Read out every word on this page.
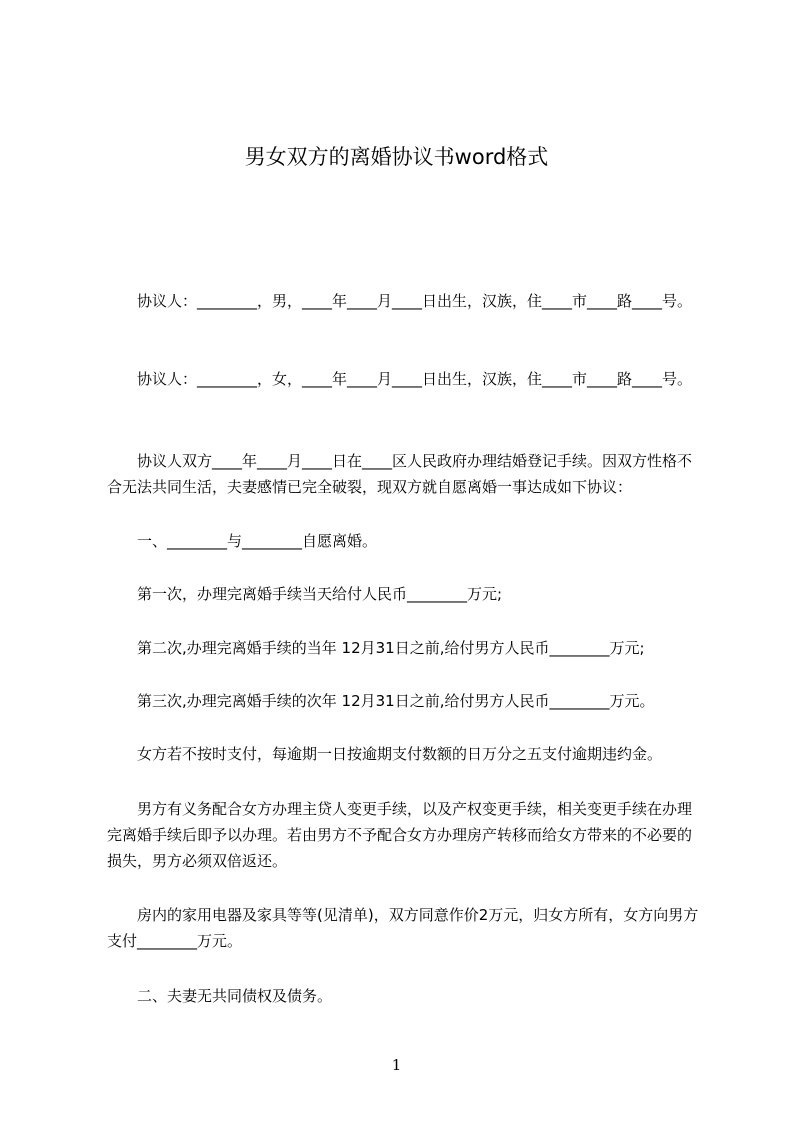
男女双方的离婚协议书word格式
协议人：________，男，____年____月____日出生，汉族，住____市____路____号。
协议人：________，女，____年____月____日出生，汉族，住____市____路____号。
协议人双方____年____月____日在____区人民政府办理结婚登记手续。因双方性格不合无法共同生活，夫妻感情已完全破裂，现双方就自愿离婚一事达成如下协议：
一、________与________自愿离婚。
第一次，办理完离婚手续当天给付人民币________万元;
第二次,办理完离婚手续的当年 12月31日之前,给付男方人民币________万元;
第三次,办理完离婚手续的次年 12月31日之前,给付男方人民币________万元。
女方若不按时支付，每逾期一日按逾期支付数额的日万分之五支付逾期违约金。
男方有义务配合女方办理主贷人变更手续，以及产权变更手续，相关变更手续在办理完离婚手续后即予以办理。若由男方不予配合女方办理房产转移而给女方带来的不必要的损失，男方必须双倍返还。
房内的家用电器及家具等等(见清单)，双方同意作价2万元，归女方所有，女方向男方支付________万元。
二、夫妻无共同债权及债务。
1
